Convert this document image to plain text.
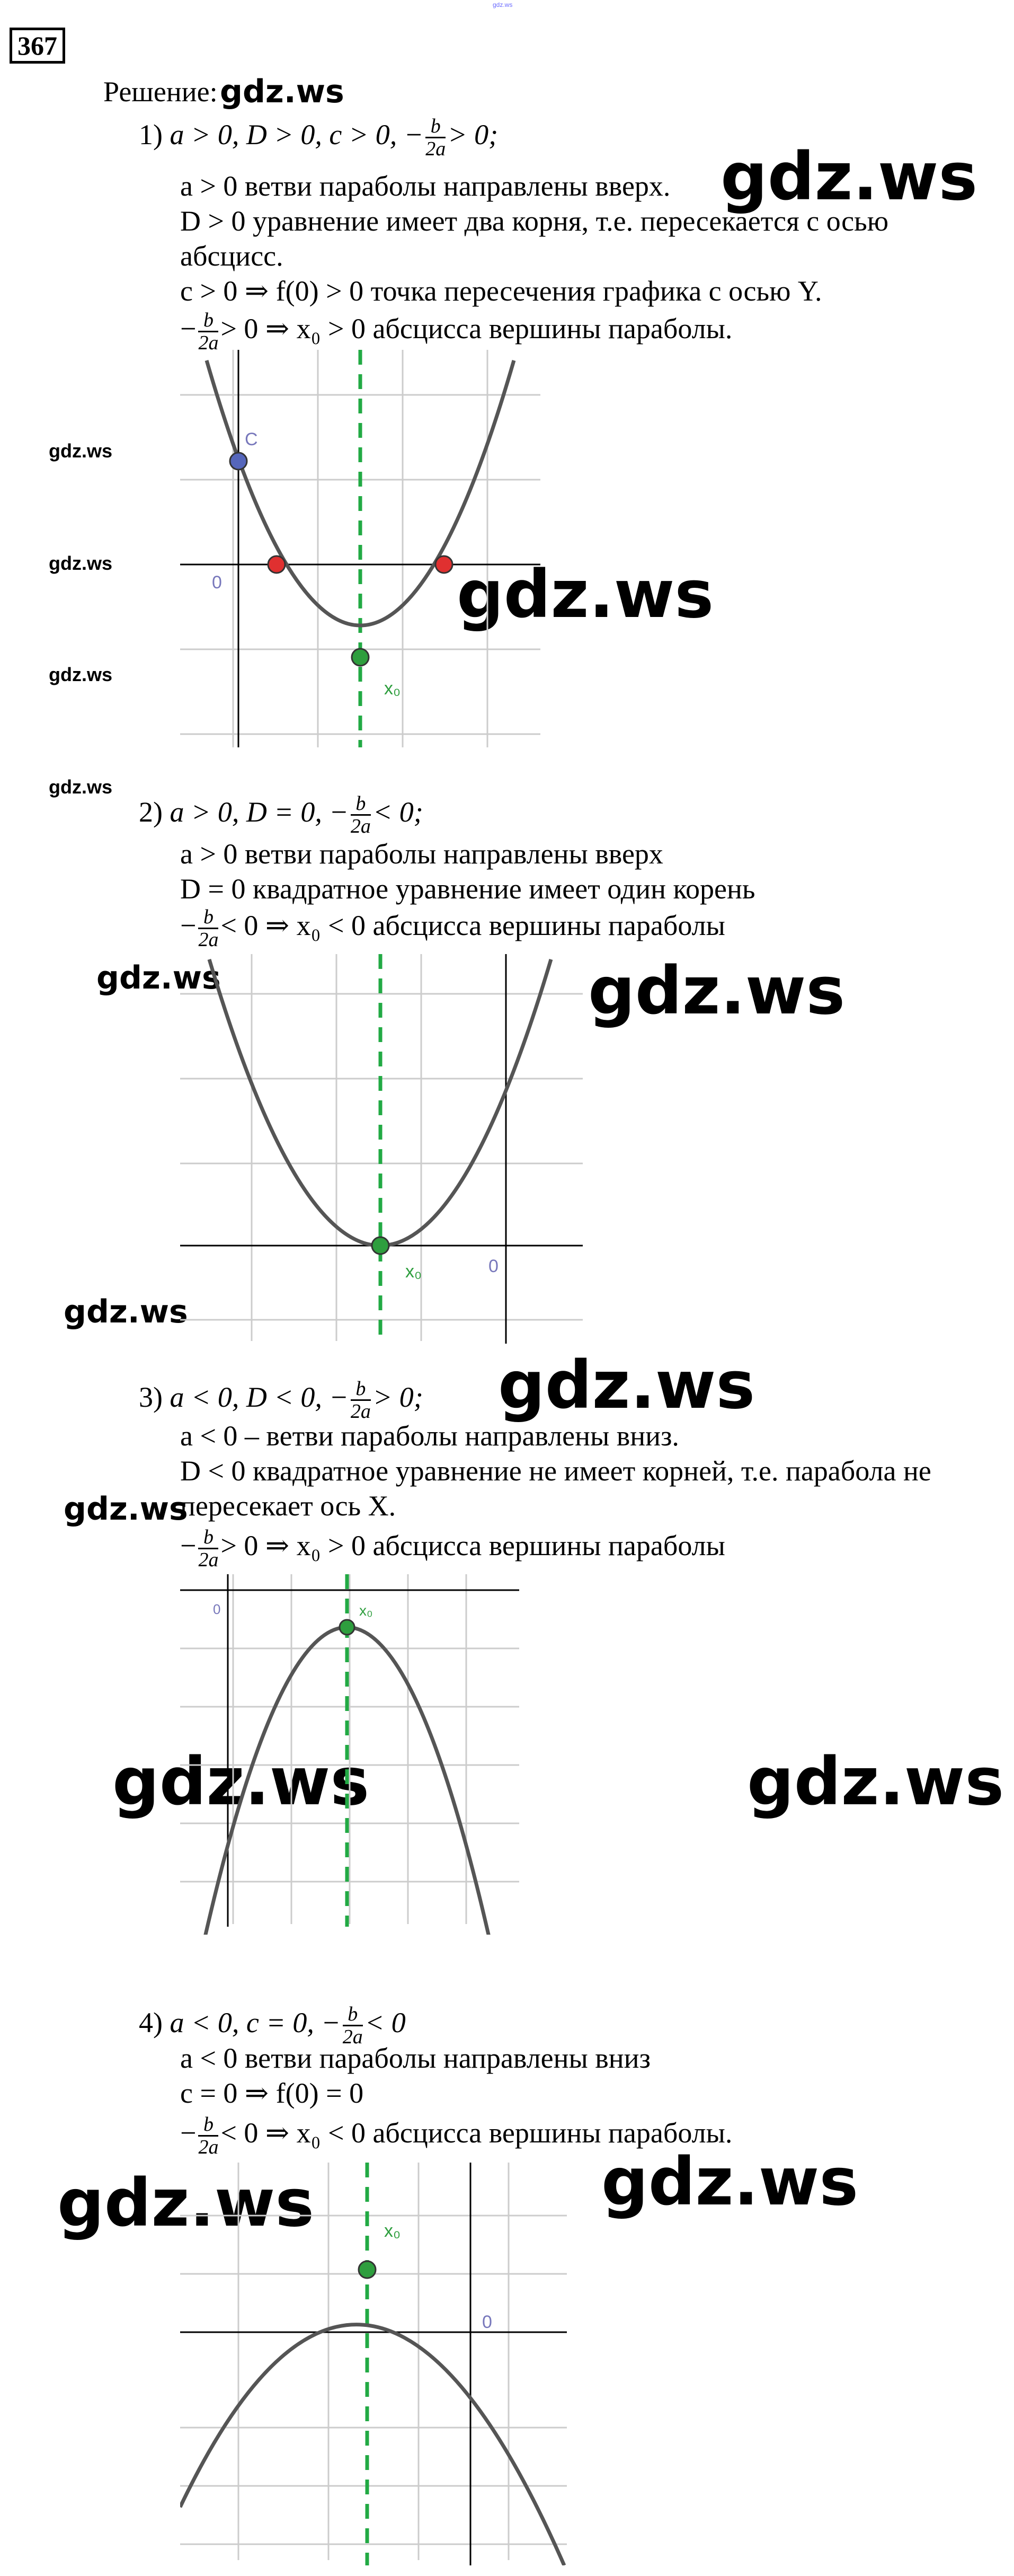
gdz.ws
367
Решение: gdz.ws
gdz.ws
gdz.ws
gdz.ws	gdz.ws
gdz.ws
gdz.ws
gdz.ws	gdz.ws
gdz.ws
gdz.ws
gdz.ws
gdz.ws	gdz.ws
gdz.ws
gdz.ws
1) a > 0, D > 0, c > 0, − $\frac{b}{2a} > 0$;
a > 0 ветви параболы направлены вверх.
D > 0 уравнение имеет два корня, т.е. пересекается с осью
абсцисс.
c > 0 ⇒ f(0) > 0 точка пересечения графика с осью Y.
− $\frac{b}{2a} > 0$ ⇒ x₀ > 0 абсцисса вершины параболы.
C
0
x₀
2) a > 0, D = 0, − $\frac{b}{2a} < 0$;
a > 0 ветви параболы направлены вверх
D = 0 квадратное уравнение имеет один корень
− $\frac{b}{2a} < 0$ ⇒ x₀ < 0 абсцисса вершины параболы
0
x₀
3) a < 0, D < 0, − $\frac{b}{2a} > 0$;
a < 0 – ветви параболы направлены вниз.
D < 0 квадратное уравнение не имеет корней, т.е. парабола не
пересекает ось X.
− $\frac{b}{2a} > 0$ ⇒ x₀ > 0 абсцисса вершины параболы
0	x₀
4) a < 0, c = 0, − $\frac{b}{2a} < 0$
a < 0 ветви параболы направлены вниз
c = 0 ⇒ f(0) = 0
− $\frac{b}{2a} < 0$ ⇒ x₀ < 0 абсцисса вершины параболы.
0
x₀
